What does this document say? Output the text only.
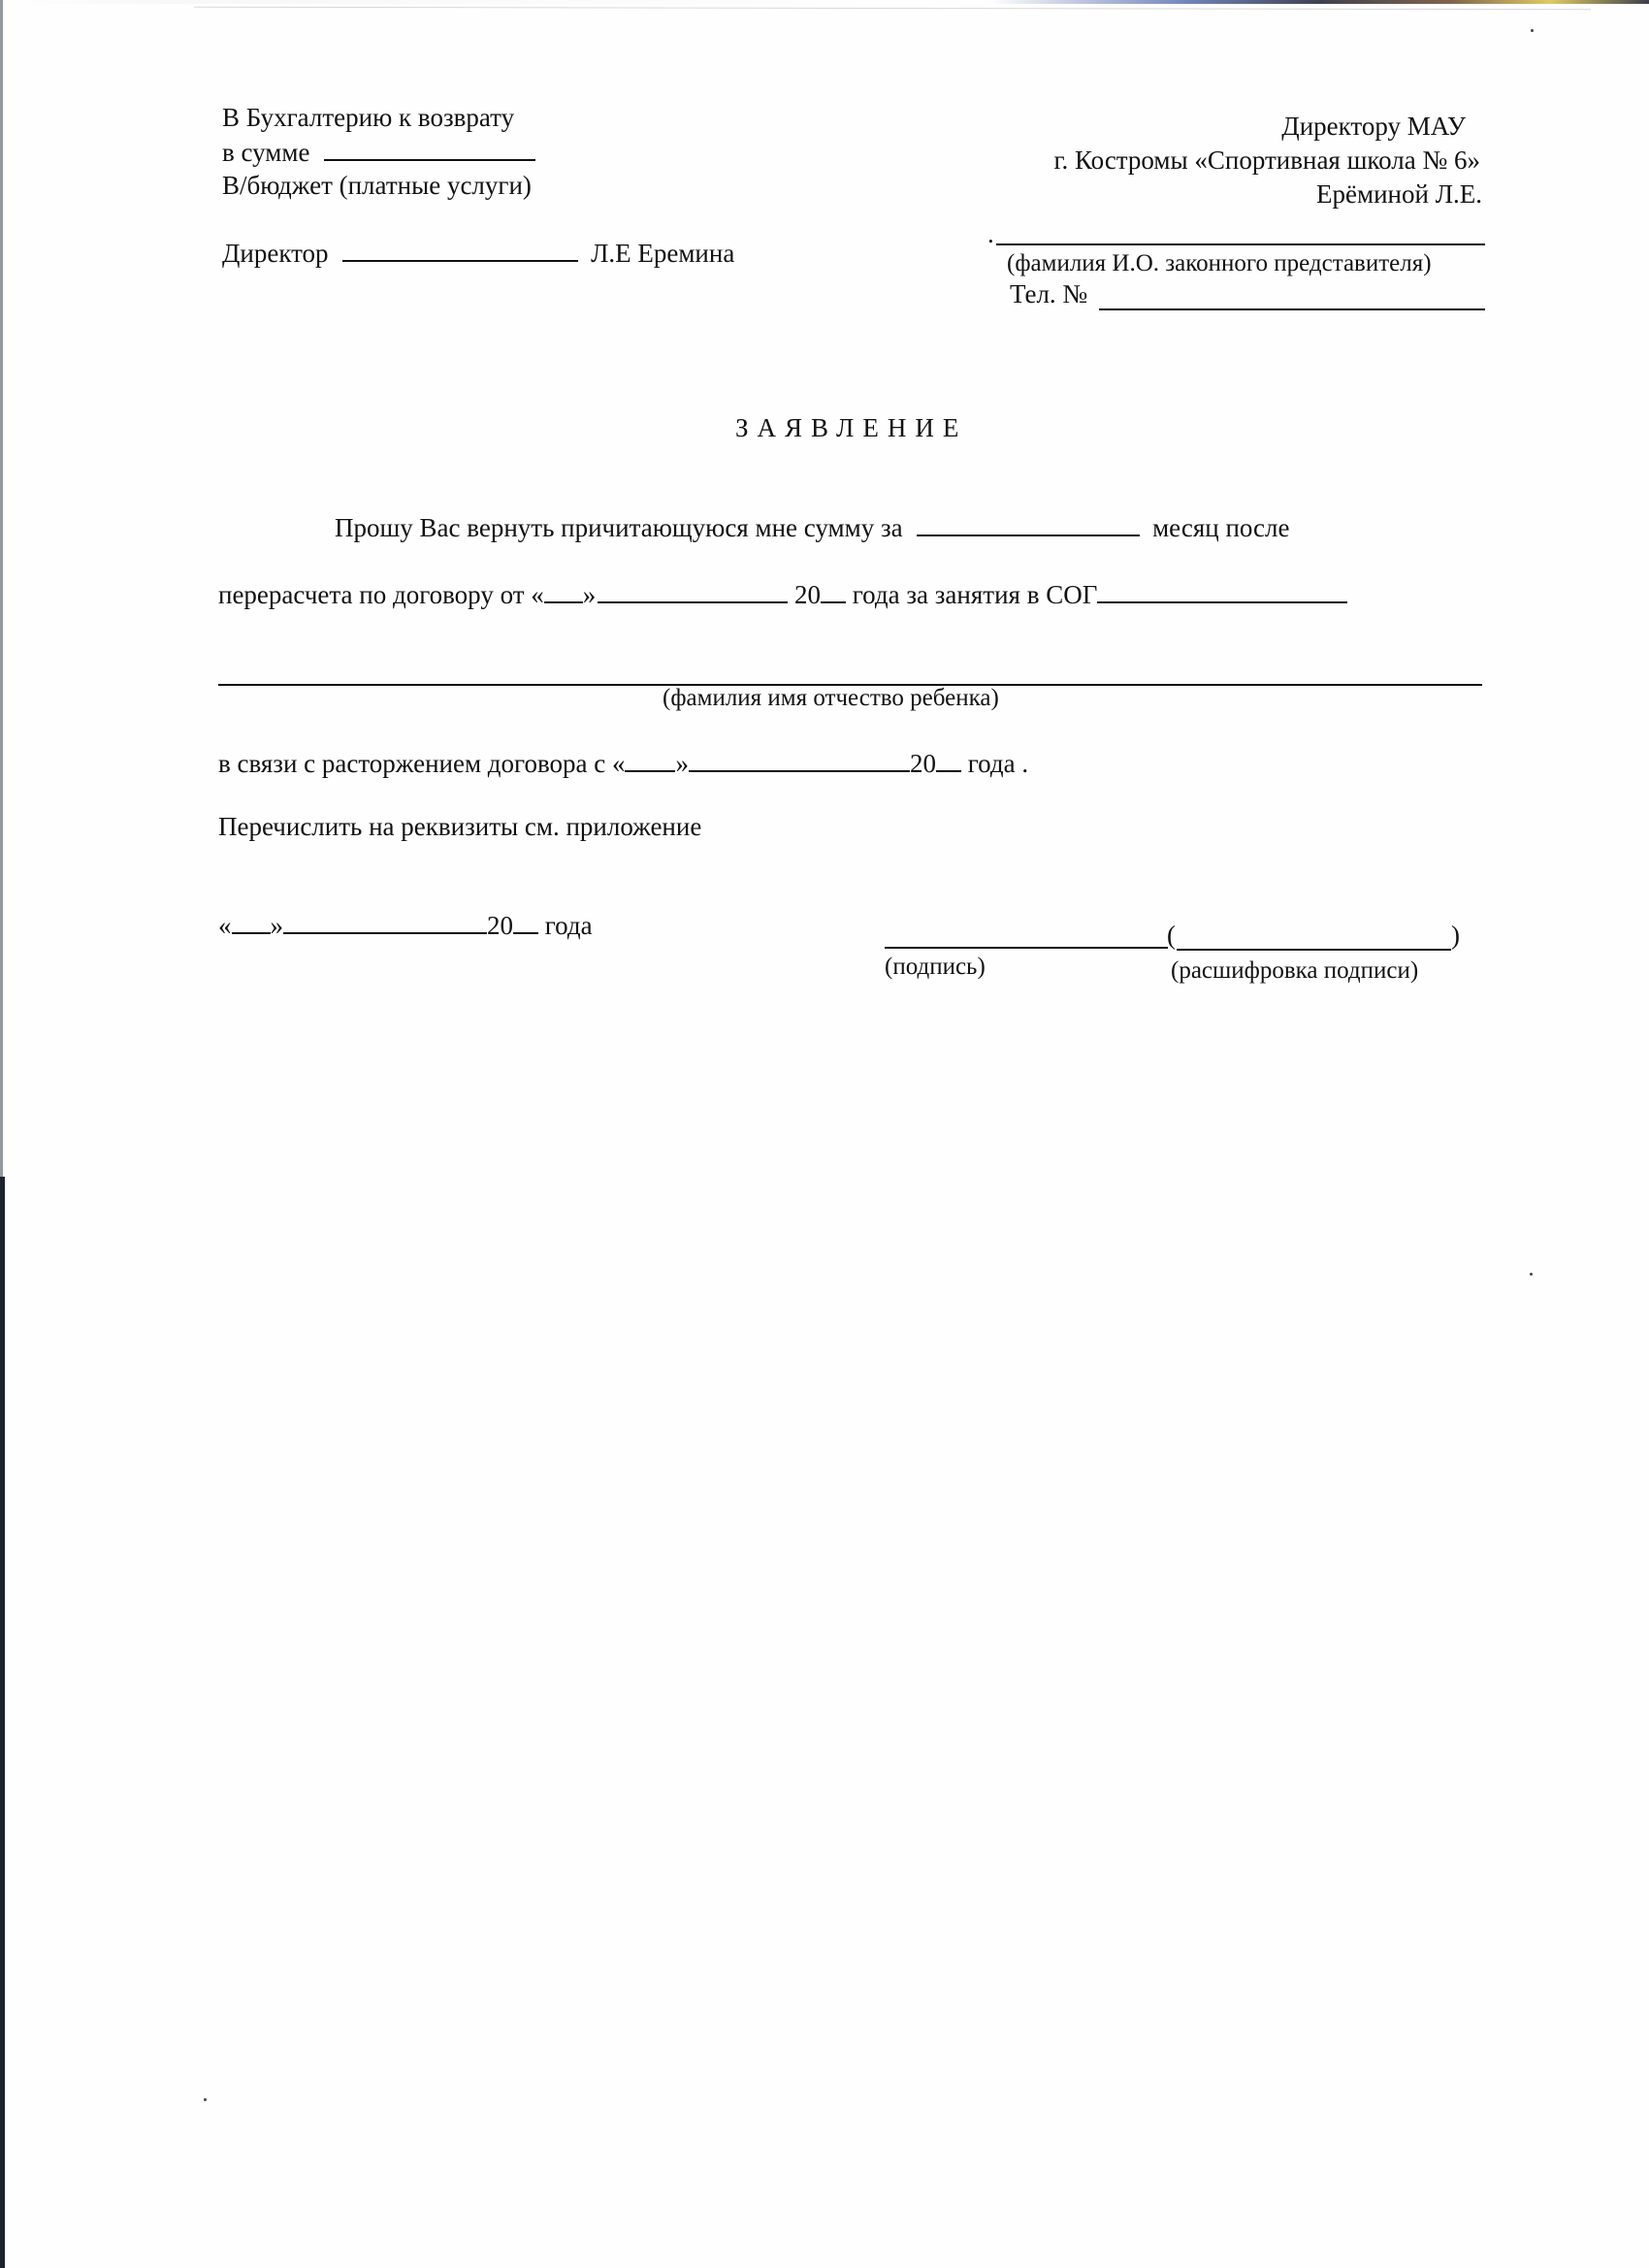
В Бухгалтерию к возврату
в сумме
В/бюджет (платные услуги)
Директор	Л.Е Еремина
Директору МАУ
г. Костромы «Спортивная школа № 6»
Ерёминой Л.Е.
.
(фамилия И.О. законного представителя)
Тел. №
ЗАЯВЛЕНИЕ
Прошу Вас вернуть причитающуюся мне сумму за	месяц после
перерасчета по договору от « »	20 года за занятия в СОГ
(фамилия имя отчество ребенка)
в связи с расторжением договора с « »	20 года .
Перечислить на реквизиты см. приложение
« »	20 года	(	)
(подпись)	(расшифровка подписи)
